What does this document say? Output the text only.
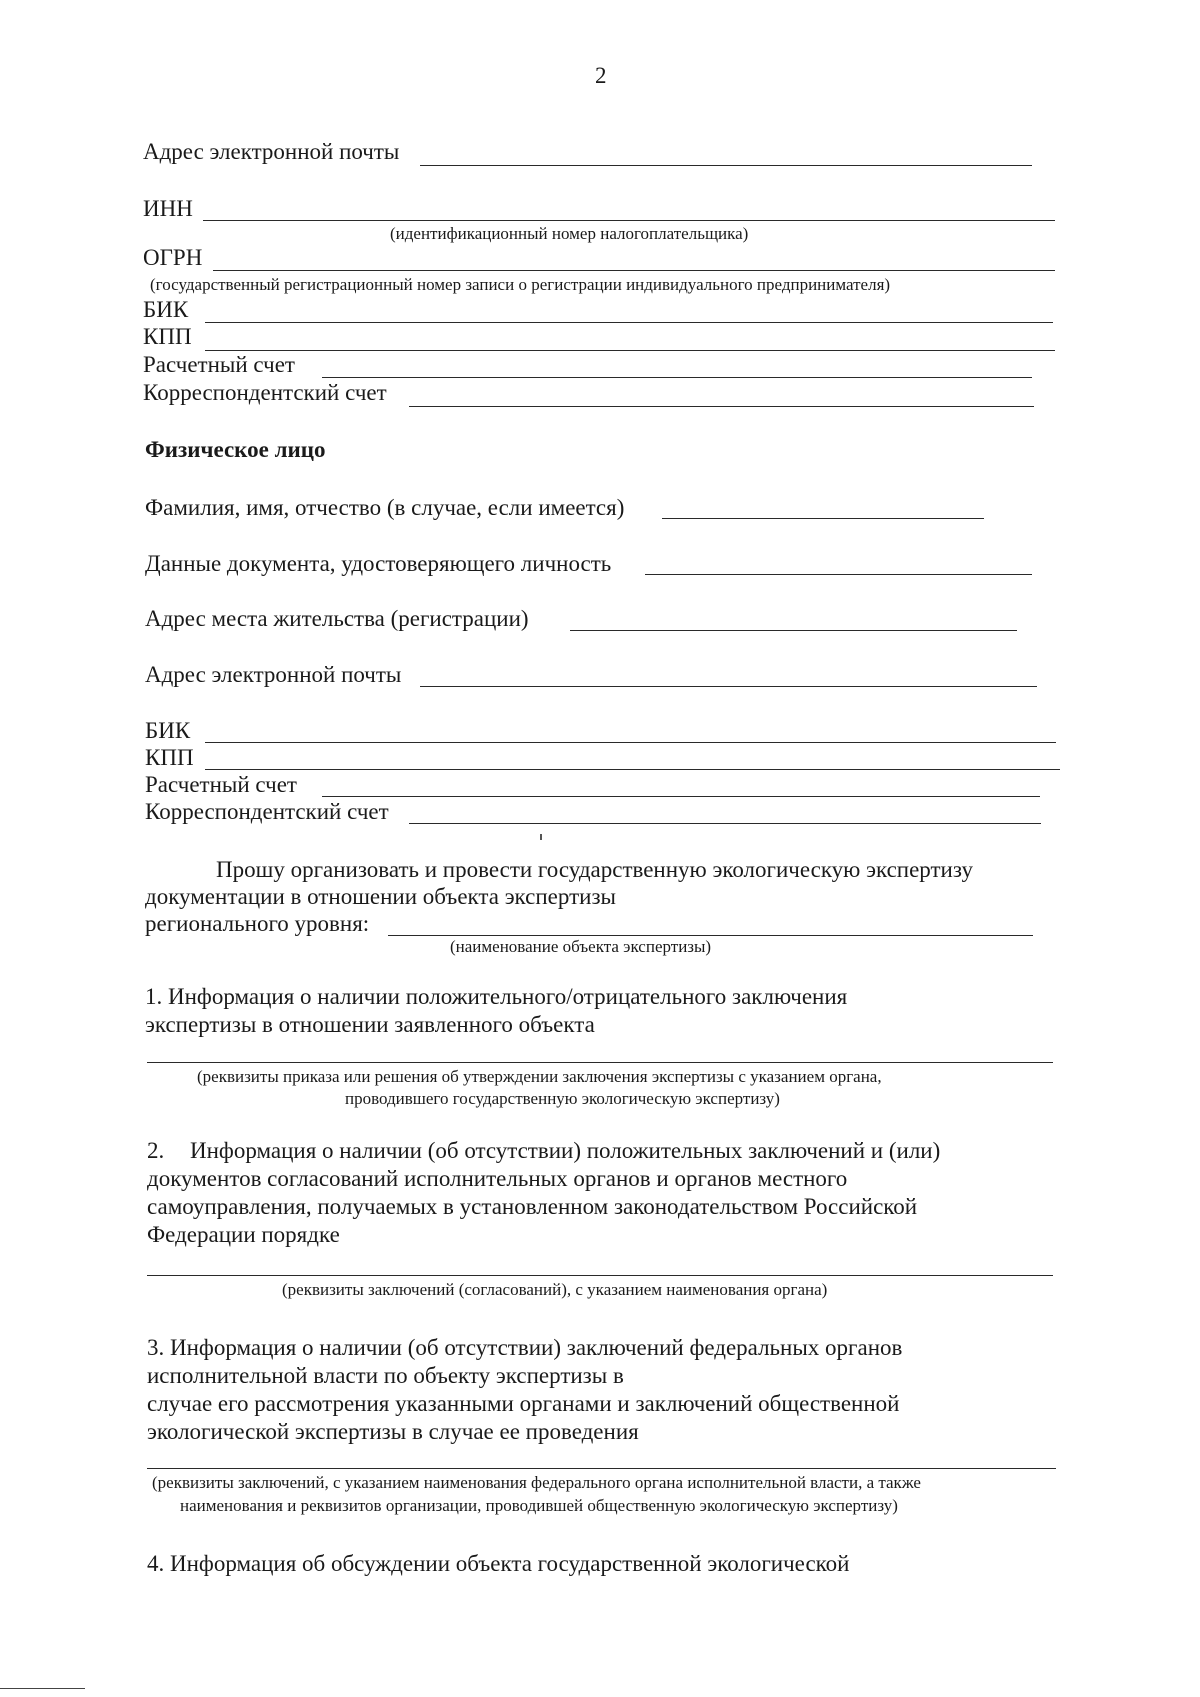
2
Адрес электронной почты
ИНН
(идентификационный номер налогоплательщика)
ОГРН
(государственный регистрационный номер записи о регистрации индивидуального предпринимателя)
БИК
КПП
Расчетный счет
Корреспондентский счет
Физическое лицо
Фамилия, имя, отчество (в случае, если имеется)
Данные документа, удостоверяющего личность
Адрес места жительства (регистрации)
Адрес электронной почты
БИК
КПП
Расчетный счет
Корреспондентский счет
Прошу организовать и провести государственную экологическую экспертизу
документации в отношении объекта экспертизы
регионального уровня:
(наименование объекта экспертизы)
1. Информация о наличии положительного/отрицательного заключения
экспертизы в отношении заявленного объекта
(реквизиты приказа или решения об утверждении заключения экспертизы с указанием органа,
проводившего государственную экологическую экспертизу)
2. Информация о наличии (об отсутствии) положительных заключений и (или)
документов согласований исполнительных органов и органов местного
самоуправления, получаемых в установленном законодательством Российской
Федерации порядке
(реквизиты заключений (согласований), с указанием наименования органа)
3. Информация о наличии (об отсутствии) заключений федеральных органов
исполнительной власти по объекту экспертизы в
случае его рассмотрения указанными органами и заключений общественной
экологической экспертизы в случае ее проведения
(реквизиты заключений, с указанием наименования федерального органа исполнительной власти, а также
наименования и реквизитов организации, проводившей общественную экологическую экспертизу)
4. Информация об обсуждении объекта государственной экологической
